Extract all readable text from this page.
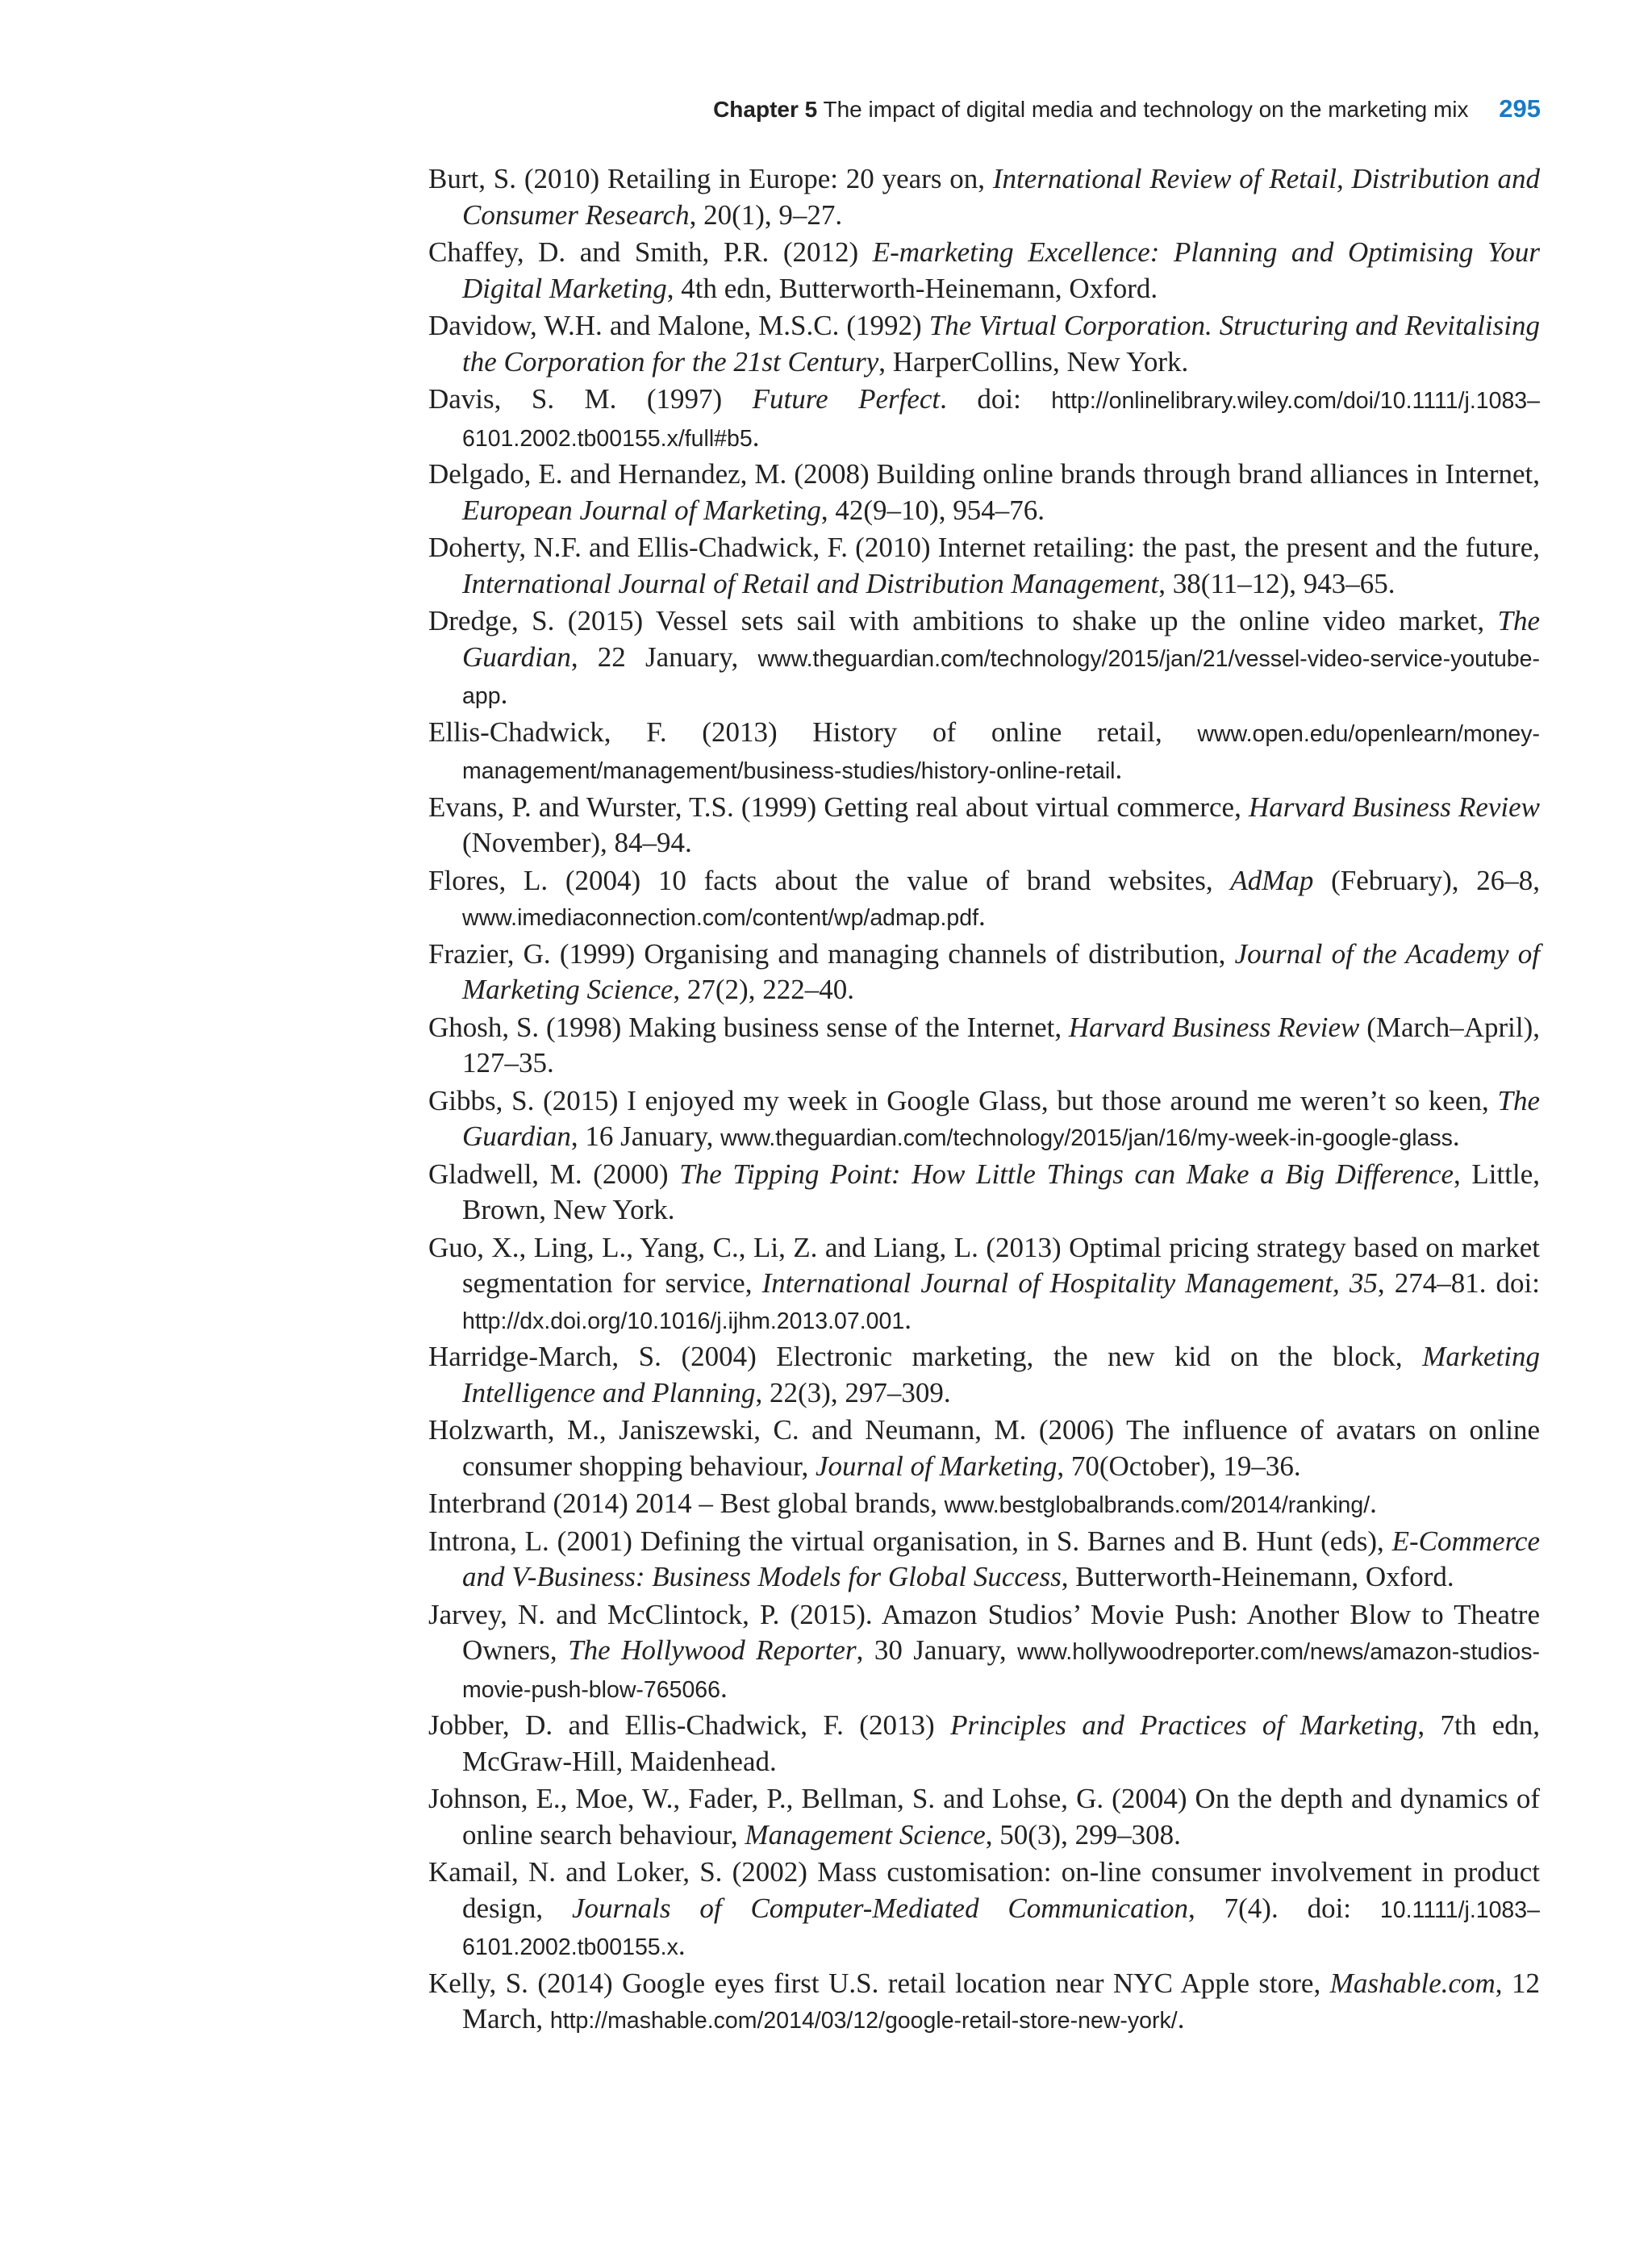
Chapter 5 The impact of digital media and technology on the marketing mix 295

Burt, S. (2010) Retailing in Europe: 20 years on, International Review of Retail, Distribution and Consumer Research, 20(1), 9–27.

Chaffey, D. and Smith, P.R. (2012) E-marketing Excellence: Planning and Optimising Your Digital Marketing, 4th edn, Butterworth-Heinemann, Oxford.

Davidow, W.H. and Malone, M.S.C. (1992) The Virtual Corporation. Structuring and Revitalising the Corporation for the 21st Century, HarperCollins, New York.

Davis, S. M. (1997) Future Perfect. doi: http://onlinelibrary.wiley.com/doi/10.1111/j.1083–6101.2002.tb00155.x/full#b5.

Delgado, E. and Hernandez, M. (2008) Building online brands through brand alliances in Internet, European Journal of Marketing, 42(9–10), 954–76.

Doherty, N.F. and Ellis-Chadwick, F. (2010) Internet retailing: the past, the present and the future, International Journal of Retail and Distribution Management, 38(11–12), 943–65.

Dredge, S. (2015) Vessel sets sail with ambitions to shake up the online video market, The Guardian, 22 January, www.theguardian.com/technology/2015/jan/21/vessel-video-service-youtube-app.

Ellis-Chadwick, F. (2013) History of online retail, www.open.edu/openlearn/money-management/management/business-studies/history-online-retail.

Evans, P. and Wurster, T.S. (1999) Getting real about virtual commerce, Harvard Business Review (November), 84–94.

Flores, L. (2004) 10 facts about the value of brand websites, AdMap (February), 26–8, www.imediaconnection.com/content/wp/admap.pdf.

Frazier, G. (1999) Organising and managing channels of distribution, Journal of the Academy of Marketing Science, 27(2), 222–40.

Ghosh, S. (1998) Making business sense of the Internet, Harvard Business Review (March–April), 127–35.

Gibbs, S. (2015) I enjoyed my week in Google Glass, but those around me weren’t so keen, The Guardian, 16 January, www.theguardian.com/technology/2015/jan/16/my-week-in-google-glass.

Gladwell, M. (2000) The Tipping Point: How Little Things can Make a Big Difference, Little, Brown, New York.

Guo, X., Ling, L., Yang, C., Li, Z. and Liang, L. (2013) Optimal pricing strategy based on market segmentation for service, International Journal of Hospitality Management, 35, 274–81. doi: http://dx.doi.org/10.1016/j.ijhm.2013.07.001.

Harridge-March, S. (2004) Electronic marketing, the new kid on the block, Marketing Intelligence and Planning, 22(3), 297–309.

Holzwarth, M., Janiszewski, C. and Neumann, M. (2006) The influence of avatars on online consumer shopping behaviour, Journal of Marketing, 70(October), 19–36.

Interbrand (2014) 2014 – Best global brands, www.bestglobalbrands.com/2014/ranking/.

Introna, L. (2001) Defining the virtual organisation, in S. Barnes and B. Hunt (eds), E-Commerce and V-Business: Business Models for Global Success, Butterworth-Heinemann, Oxford.

Jarvey, N. and McClintock, P. (2015). Amazon Studios’ Movie Push: Another Blow to Theatre Owners, The Hollywood Reporter, 30 January, www.hollywoodreporter.com/news/amazon-studios-movie-push-blow-765066.

Jobber, D. and Ellis-Chadwick, F. (2013) Principles and Practices of Marketing, 7th edn, McGraw-Hill, Maidenhead.

Johnson, E., Moe, W., Fader, P., Bellman, S. and Lohse, G. (2004) On the depth and dynamics of online search behaviour, Management Science, 50(3), 299–308.

Kamail, N. and Loker, S. (2002) Mass customisation: on-line consumer involvement in product design, Journals of Computer-Mediated Communication, 7(4). doi: 10.1111/j.1083–6101.2002.tb00155.x.

Kelly, S. (2014) Google eyes first U.S. retail location near NYC Apple store, Mashable.com, 12 March, http://mashable.com/2014/03/12/google-retail-store-new-york/.
